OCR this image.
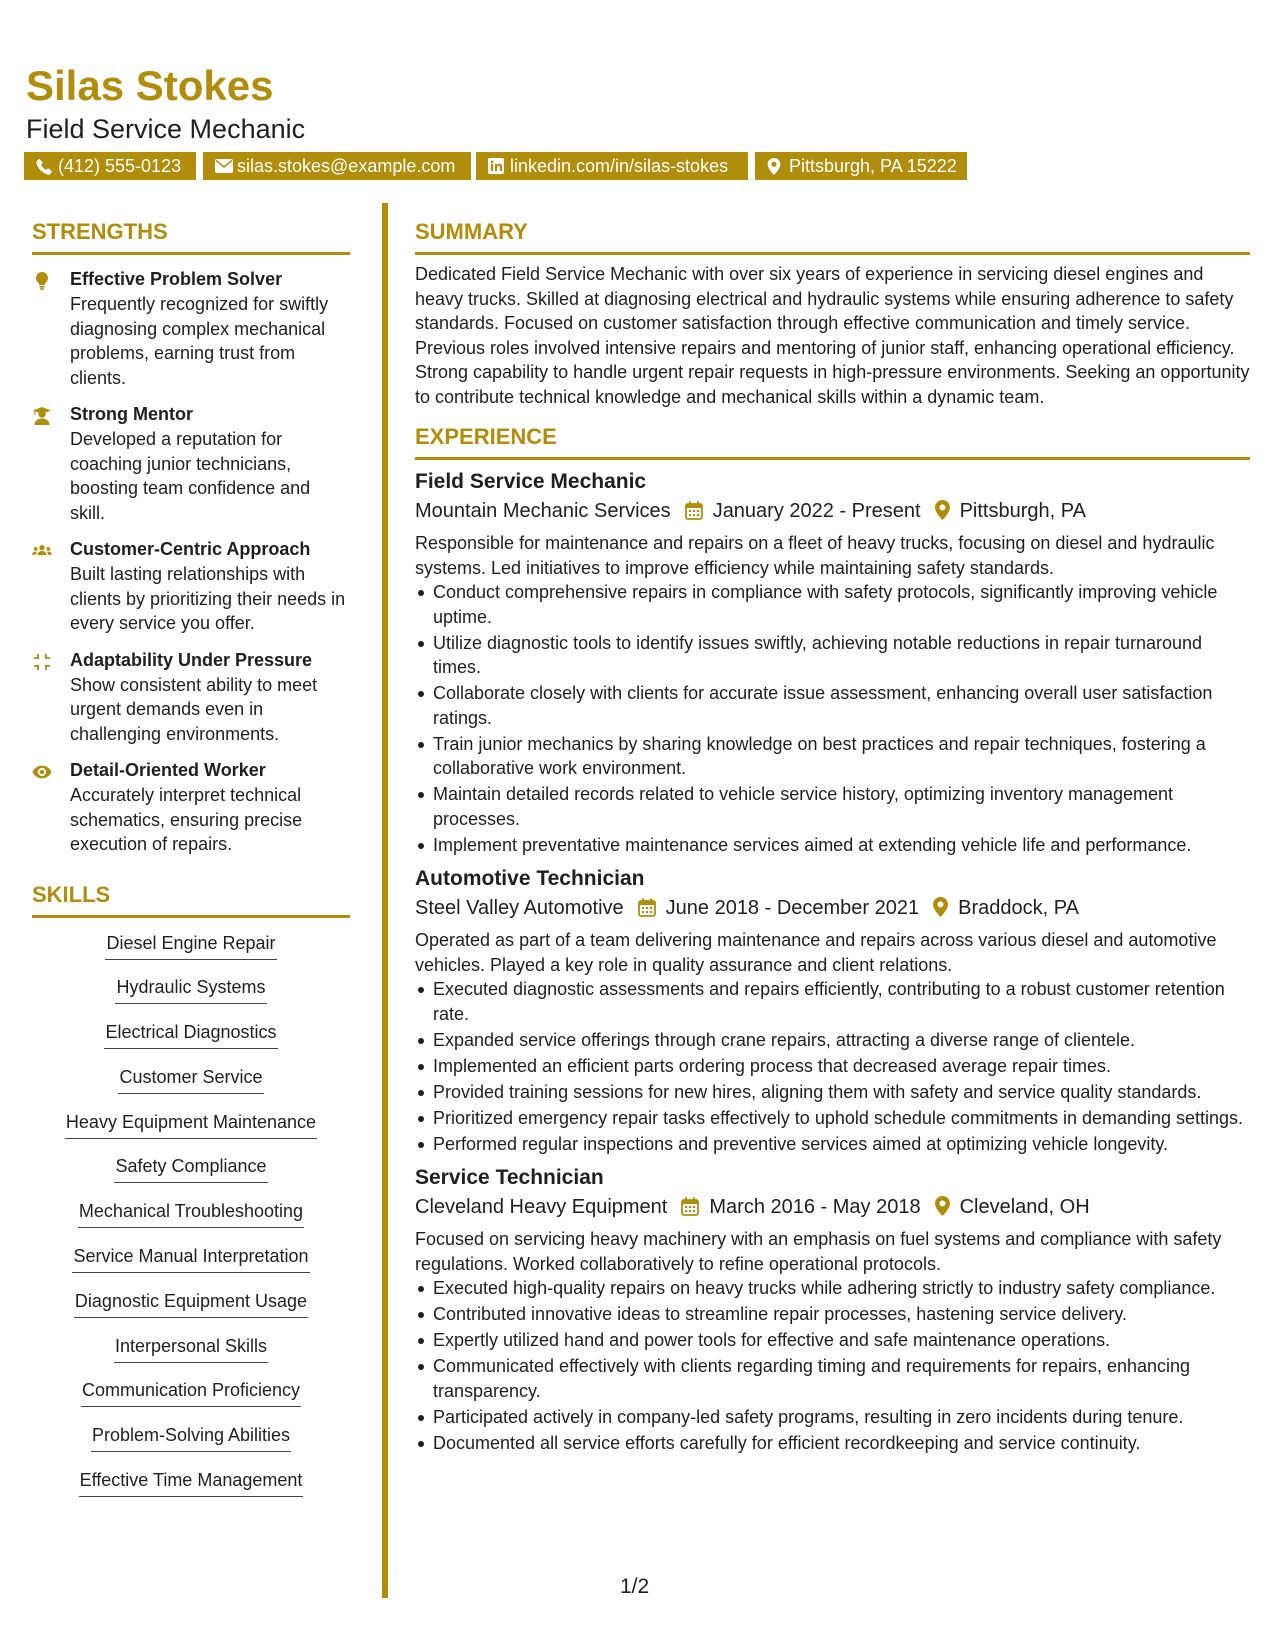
Silas Stokes
Field Service Mechanic
(412) 555-0123	silas.stokes@example.com	linkedin.com/in/silas-stokes	Pittsburgh, PA 15222
STRENGTHS
Effective Problem Solver
Frequently recognized for swiftly diagnosing complex mechanical problems, earning trust from clients.
Strong Mentor
Developed a reputation for coaching junior technicians, boosting team confidence and skill.
Customer-Centric Approach
Built lasting relationships with clients by prioritizing their needs in every service you offer.
Adaptability Under Pressure
Show consistent ability to meet urgent demands even in challenging environments.
Detail-Oriented Worker
Accurately interpret technical schematics, ensuring precise execution of repairs.
SKILLS
Diesel Engine Repair
Hydraulic Systems
Electrical Diagnostics
Customer Service
Heavy Equipment Maintenance
Safety Compliance
Mechanical Troubleshooting
Service Manual Interpretation
Diagnostic Equipment Usage
Interpersonal Skills
Communication Proficiency
Problem-Solving Abilities
Effective Time Management
SUMMARY
Dedicated Field Service Mechanic with over six years of experience in servicing diesel engines and heavy trucks. Skilled at diagnosing electrical and hydraulic systems while ensuring adherence to safety standards. Focused on customer satisfaction through effective communication and timely service. Previous roles involved intensive repairs and mentoring of junior staff, enhancing operational efficiency. Strong capability to handle urgent repair requests in high-pressure environments. Seeking an opportunity to contribute technical knowledge and mechanical skills within a dynamic team.
EXPERIENCE
Field Service Mechanic
Mountain Mechanic Services January 2022 - Present Pittsburgh, PA
Responsible for maintenance and repairs on a fleet of heavy trucks, focusing on diesel and hydraulic systems. Led initiatives to improve efficiency while maintaining safety standards.
Conduct comprehensive repairs in compliance with safety protocols, significantly improving vehicle uptime.
Utilize diagnostic tools to identify issues swiftly, achieving notable reductions in repair turnaround times.
Collaborate closely with clients for accurate issue assessment, enhancing overall user satisfaction ratings.
Train junior mechanics by sharing knowledge on best practices and repair techniques, fostering a collaborative work environment.
Maintain detailed records related to vehicle service history, optimizing inventory management processes.
Implement preventative maintenance services aimed at extending vehicle life and performance.
Automotive Technician
Steel Valley Automotive June 2018 - December 2021 Braddock, PA
Operated as part of a team delivering maintenance and repairs across various diesel and automotive vehicles. Played a key role in quality assurance and client relations.
Executed diagnostic assessments and repairs efficiently, contributing to a robust customer retention rate.
Expanded service offerings through crane repairs, attracting a diverse range of clientele.
Implemented an efficient parts ordering process that decreased average repair times.
Provided training sessions for new hires, aligning them with safety and service quality standards.
Prioritized emergency repair tasks effectively to uphold schedule commitments in demanding settings.
Performed regular inspections and preventive services aimed at optimizing vehicle longevity.
Service Technician
Cleveland Heavy Equipment March 2016 - May 2018 Cleveland, OH
Focused on servicing heavy machinery with an emphasis on fuel systems and compliance with safety regulations. Worked collaboratively to refine operational protocols.
Executed high-quality repairs on heavy trucks while adhering strictly to industry safety compliance.
Contributed innovative ideas to streamline repair processes, hastening service delivery.
Expertly utilized hand and power tools for effective and safe maintenance operations.
Communicated effectively with clients regarding timing and requirements for repairs, enhancing transparency.
Participated actively in company-led safety programs, resulting in zero incidents during tenure.
Documented all service efforts carefully for efficient recordkeeping and service continuity.
1/2
